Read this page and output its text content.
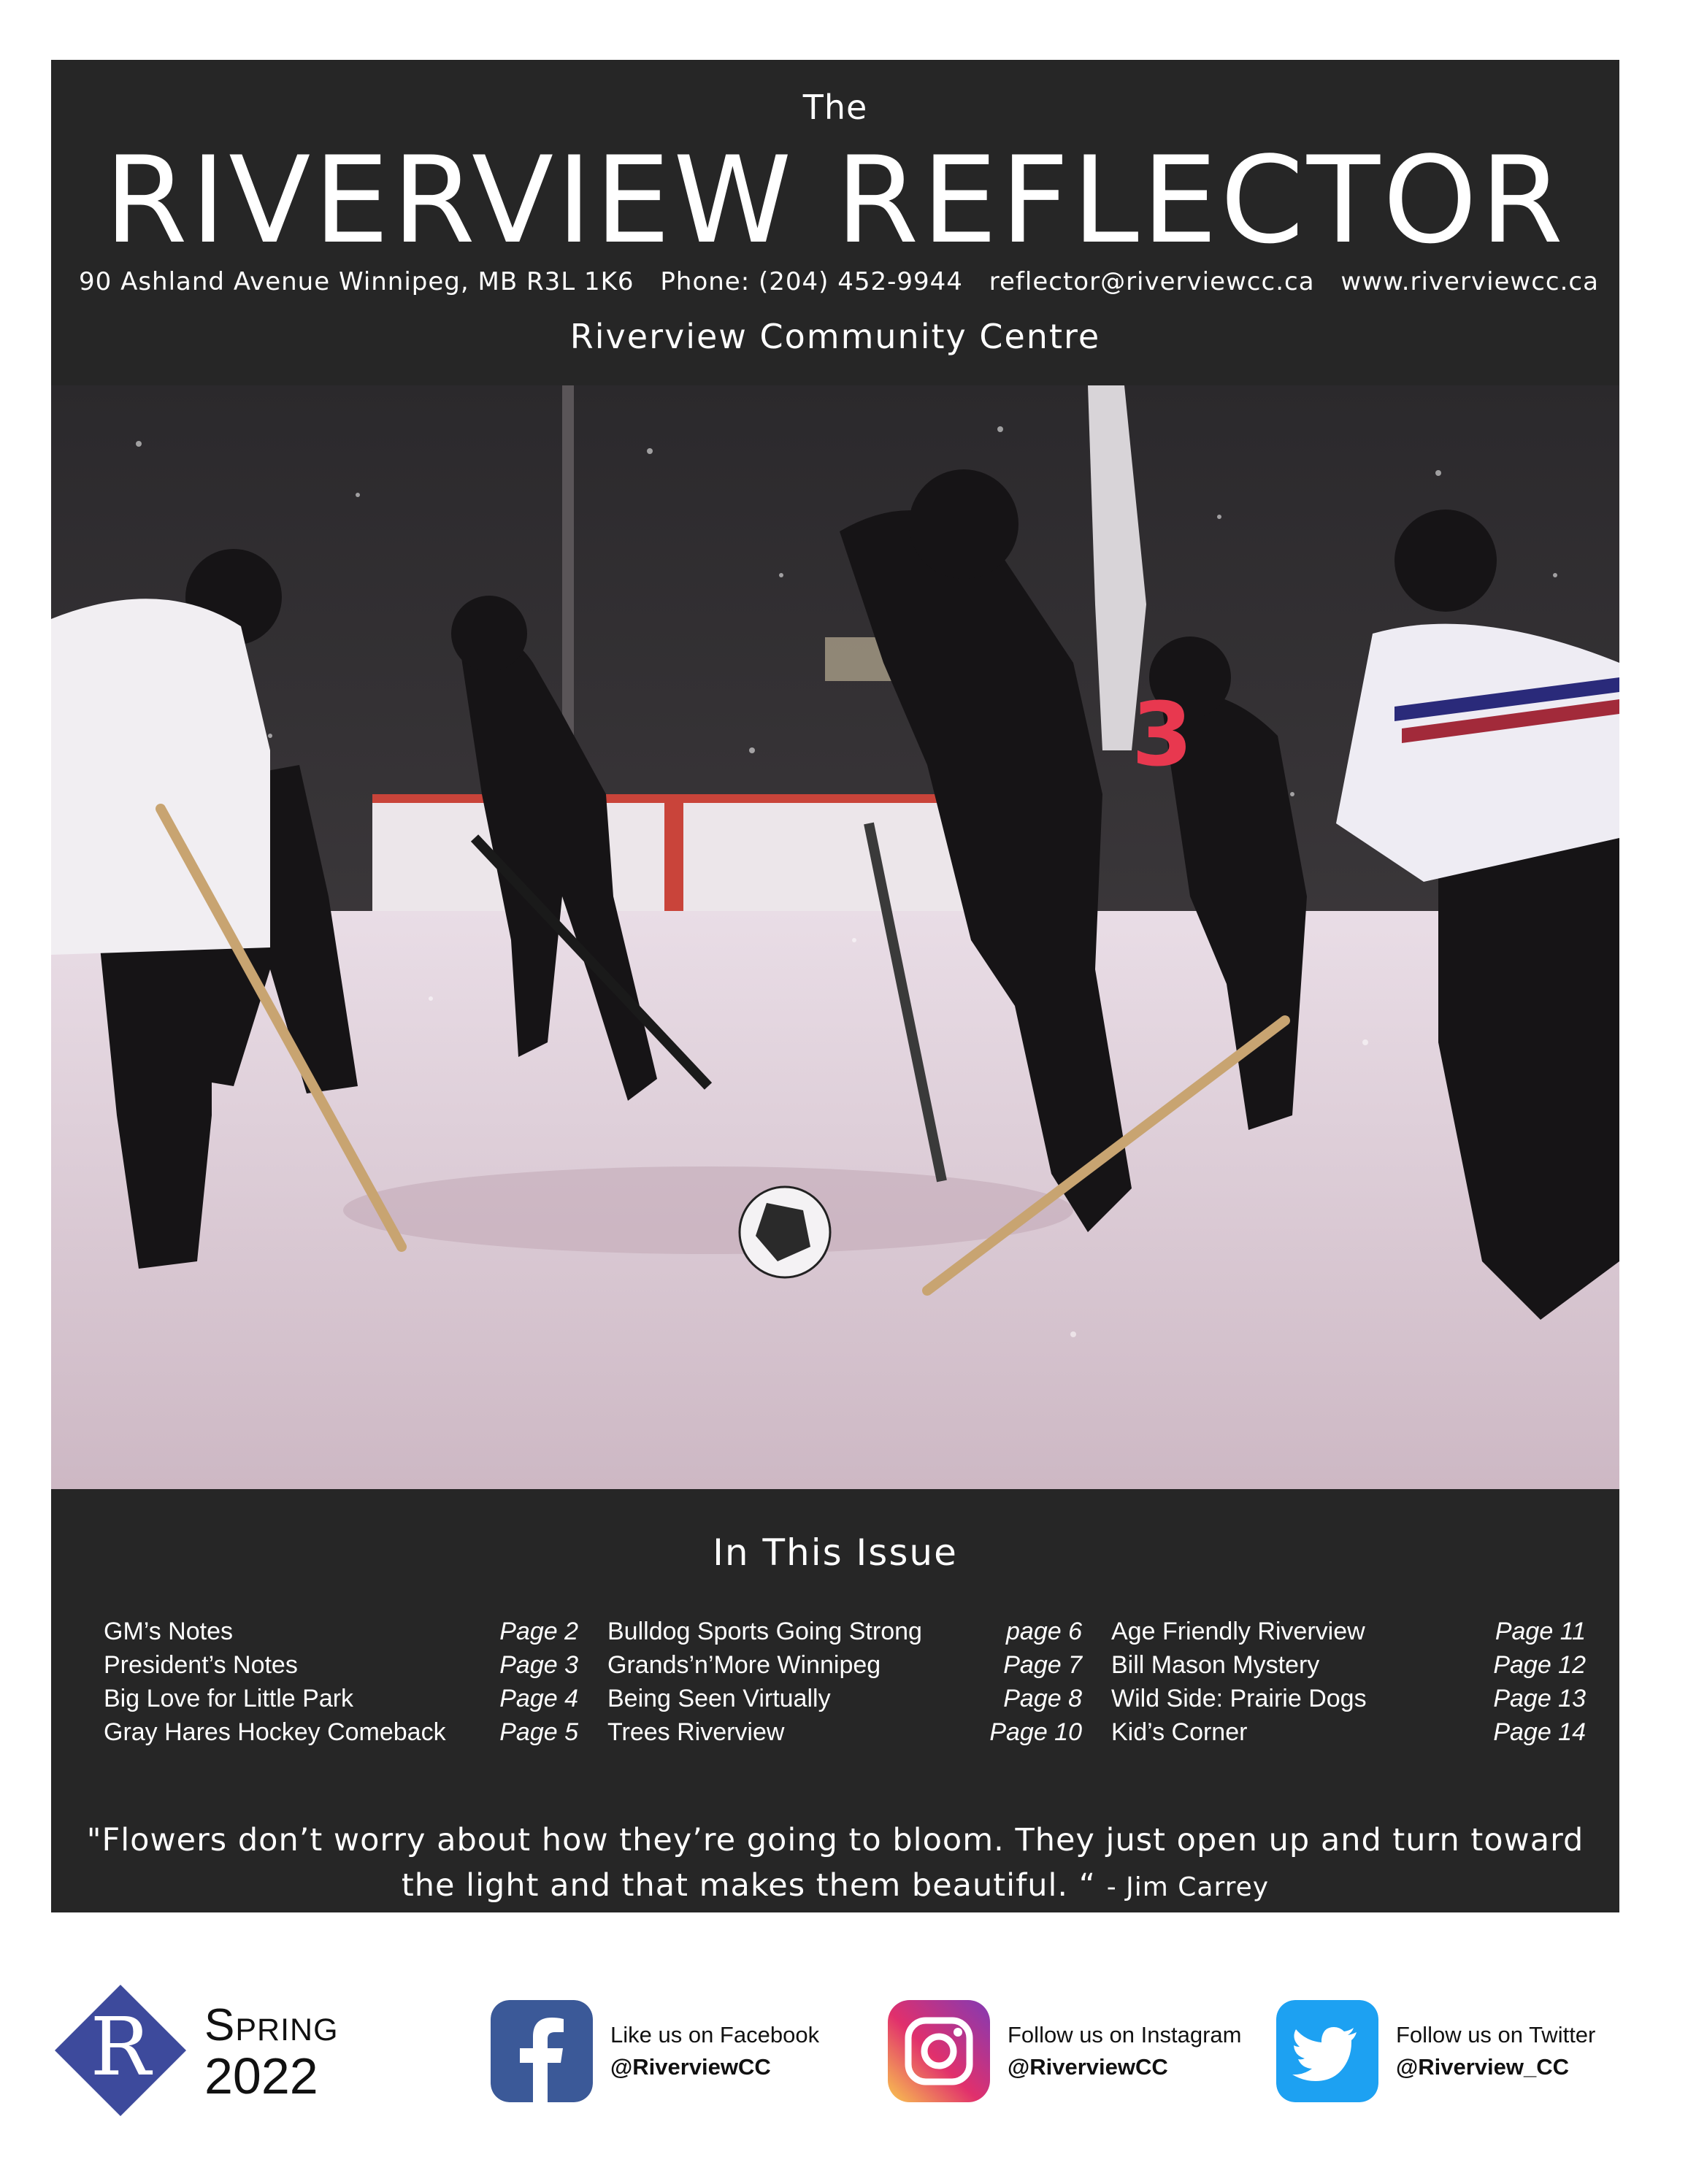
The
RIVERVIEW REFLECTOR
90 Ashland Avenue Winnipeg, MB R3L 1K6 Phone: (204) 452-9944 reflector@riverviewcc.ca www.riverviewcc.ca
Riverview Community Centre
3
In This Issue
GM’s Notes	Page 2
President’s Notes	Page 3
Big Love for Little Park	Page 4
Gray Hares Hockey Comeback Page 5
Bulldog Sports Going Strong	page 6
Grands’n’More Winnipeg	Page 7
Being Seen Virtually	Page 8
Trees Riverview	Page 10
Age Friendly Riverview	Page 11
Bill Mason Mystery	Page 12
Wild Side: Prairie Dogs	Page 13
Kid’s Corner	Page 14
"Flowers don’t worry about how they’re going to bloom. They just open up and turn toward the light and that makes them beautiful. “ - Jim Carrey
R Spring
2022
Like us on Facebook
@RiverviewCC
Follow us on Instagram
@RiverviewCC
Follow us on Twitter
@Riverview_CC
